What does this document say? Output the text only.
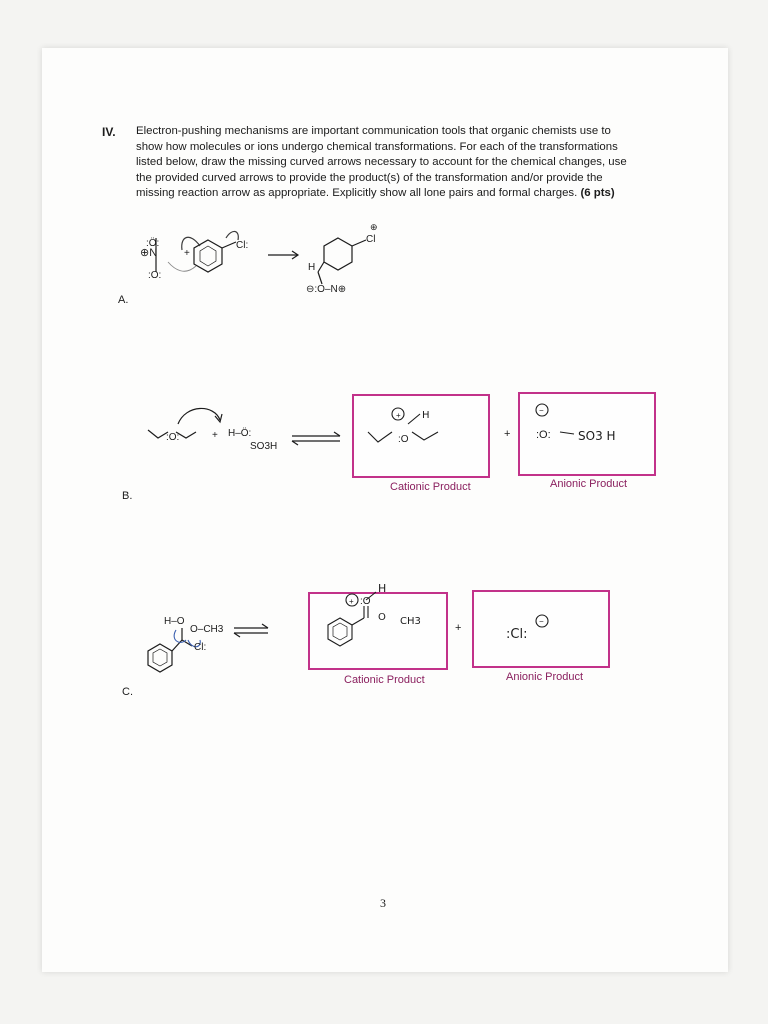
IV. Electron-pushing mechanisms are important communication tools that organic chemists use to show how molecules or ions undergo chemical transformations. For each of the transformations listed below, draw the missing curved arrows necessary to account for the chemical changes, use the provided curved arrows to provide the product(s) of the transformation and/or provide the missing reaction arrow as appropriate. Explicitly show all lone pairs and formal charges. (6 pts)
A.
B.
C.
⊕N
:Ö:
:O:
+
Cl:
Cl
⊕
H
⊖:O–N⊕
:O:	+ H–Ö:
SO3H
+
:O
H
+
−
:O: SO3 H
Cationic Product	Anionic Product
H–O
O–CH3
Cl:
+ :O
H
O CH3
+
−
:Cl:
Cationic Product	Anionic Product
3
